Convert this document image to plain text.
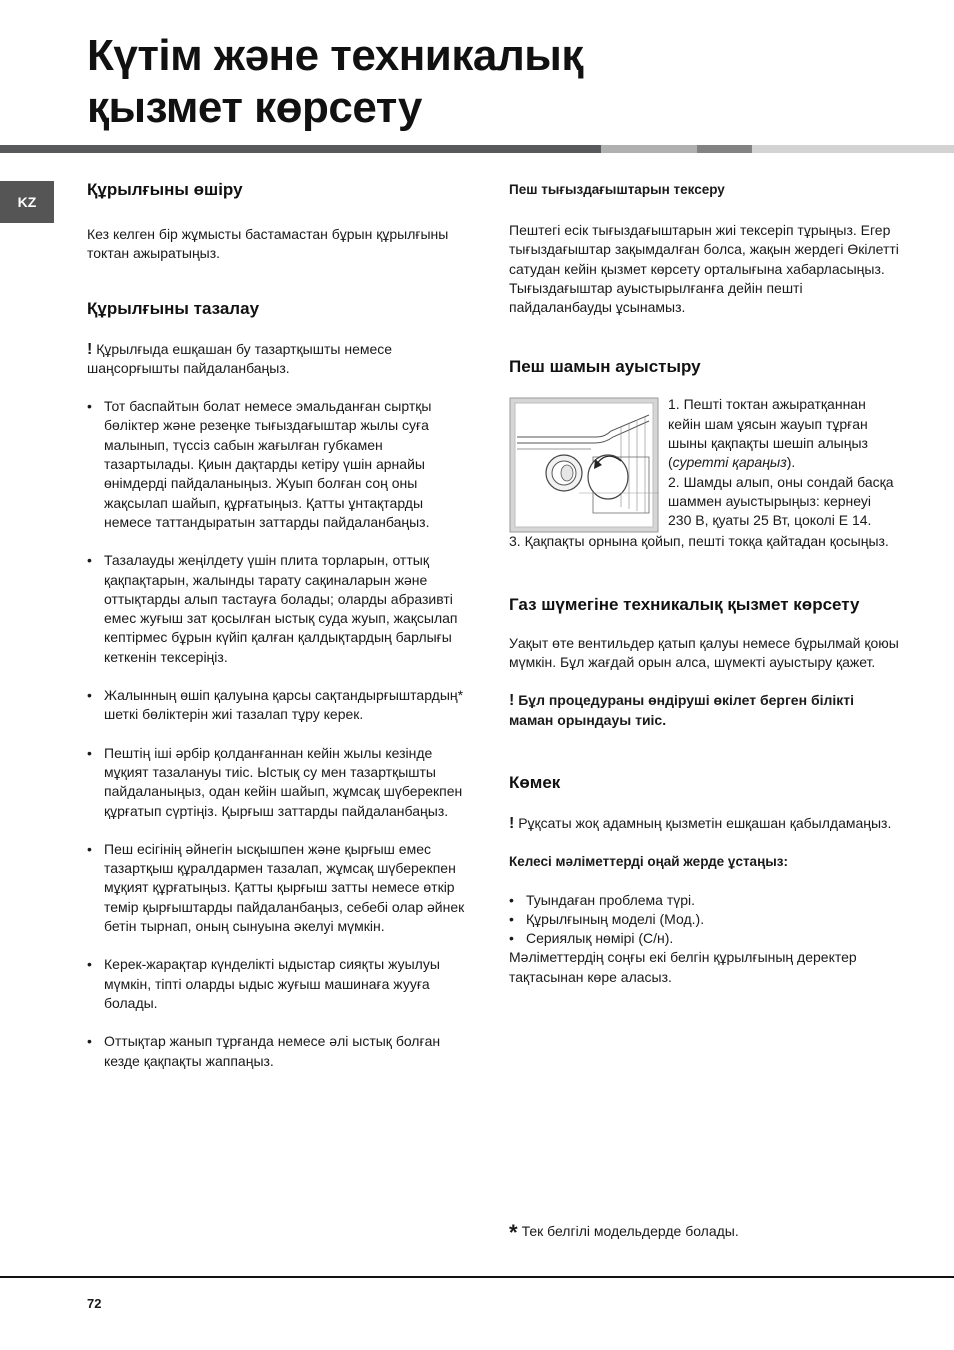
Күтім және техникалық
қызмет көрсету
KZ
Құрылғыны өшіру

Кез келген бір жұмысты бастамастан бұрын құрылғыны токтан ажыратыңыз.

Құрылғыны тазалау

! Құрылғыда ешқашан бу тазартқышты немесе шаңсорғышты пайдаланбаңыз.

• Тот баспайтын болат немесе эмальданған сыртқы бөліктер және резеңке тығыздағыштар жылы суға малынып, түссіз сабын жағылған губкамен тазартылады. Қиын дақтарды кетіру үшін арнайы өнімдерді пайдаланыңыз. Жуып болған соң оны жақсылап шайып, құрғатыңыз. Қатты ұнтақтарды немесе таттандыратын заттарды пайдаланбаңыз.
• Тазалауды жеңілдету үшін плита торларын, оттық қақпақтарын, жалынды тарату сақиналарын және оттықтарды алып тастауға болады; оларды абразивті емес жуғыш зат қосылған ыстық суда жуып, жақсылап кептірмес бұрын күйіп қалған қалдықтардың барлығы кеткенін тексеріңіз.
• Жалынның өшіп қалуына қарсы сақтандырғыштардың* шеткі бөліктерін жиі тазалап тұру керек.
• Пештің іші әрбір қолданғаннан кейін жылы кезінде мұқият тазалануы тиіс. Ыстық су мен тазартқышты пайдаланыңыз, одан кейін шайып, жұмсақ шүберекпен құрғатып сүртіңіз. Қырғыш заттарды пайдаланбаңыз.
• Пеш есігінің әйнегін ысқышпен және қырғыш емес тазартқыш құралдармен тазалап, жұмсақ шүберекпен мұқият құрғатыңыз. Қатты қырғыш затты немесе өткір темір қырғыштарды пайдаланбаңыз, себебі олар әйнек бетін тырнап, оның сынуына әкелуі мүмкін.
• Керек-жарақтар күнделікті ыдыстар сияқты жуылуы мүмкін, тіпті оларды ыдыс жуғыш машинаға жууға болады.
• Оттықтар жанып тұрғанда немесе әлі ыстық болған кезде қақпақты жаппаңыз.
Пеш тығыздағыштарын тексеру

Пештегі есік тығыздағыштарын жиі тексеріп тұрыңыз. Егер тығыздағыштар зақымдалған болса, жақын жердегі Өкілетті сатудан кейін қызмет көрсету орталығына хабарласыңыз. Тығыздағыштар ауыстырылғанға дейін пешті пайдаланбауды ұсынамыз.

Пеш шамын ауыстыру

1. Пешті токтан ажыратқаннан кейін шам ұясын жауып тұрған шыны қақпақты шешіп алыңыз (суретті қараңыз).

2. Шамды алып, оны сондай басқа шаммен ауыстырыңыз: кернеуі 230 В, қуаты 25 Вт, цоколі Е 14.

3. Қақпақты орнына қойып, пешті токқа қайтадан қосыңыз.

Газ шүмегіне техникалық қызмет көрсету

Уақыт өте вентильдер қатып қалуы немесе бұрылмай қоюы мүмкін. Бұл жағдай орын алса, шүмекті ауыстыру қажет.

! Бұл процедураны өндіруші өкілет берген білікті маман орындауы тиіс.

Көмек

! Рұқсаты жоқ адамның қызметін ешқашан қабылдамаңыз.

Келесі мәліметтерді оңай жерде ұстаңыз:

• Туындаған проблема түрі.
• Құрылғының моделі (Мод.).
• Сериялық нөмірі (С/н).

Мәліметтердің соңғы екі белгін құрылғының деректер тақтасынан көре аласыз.

* Тек белгілі модельдерде болады.
72
